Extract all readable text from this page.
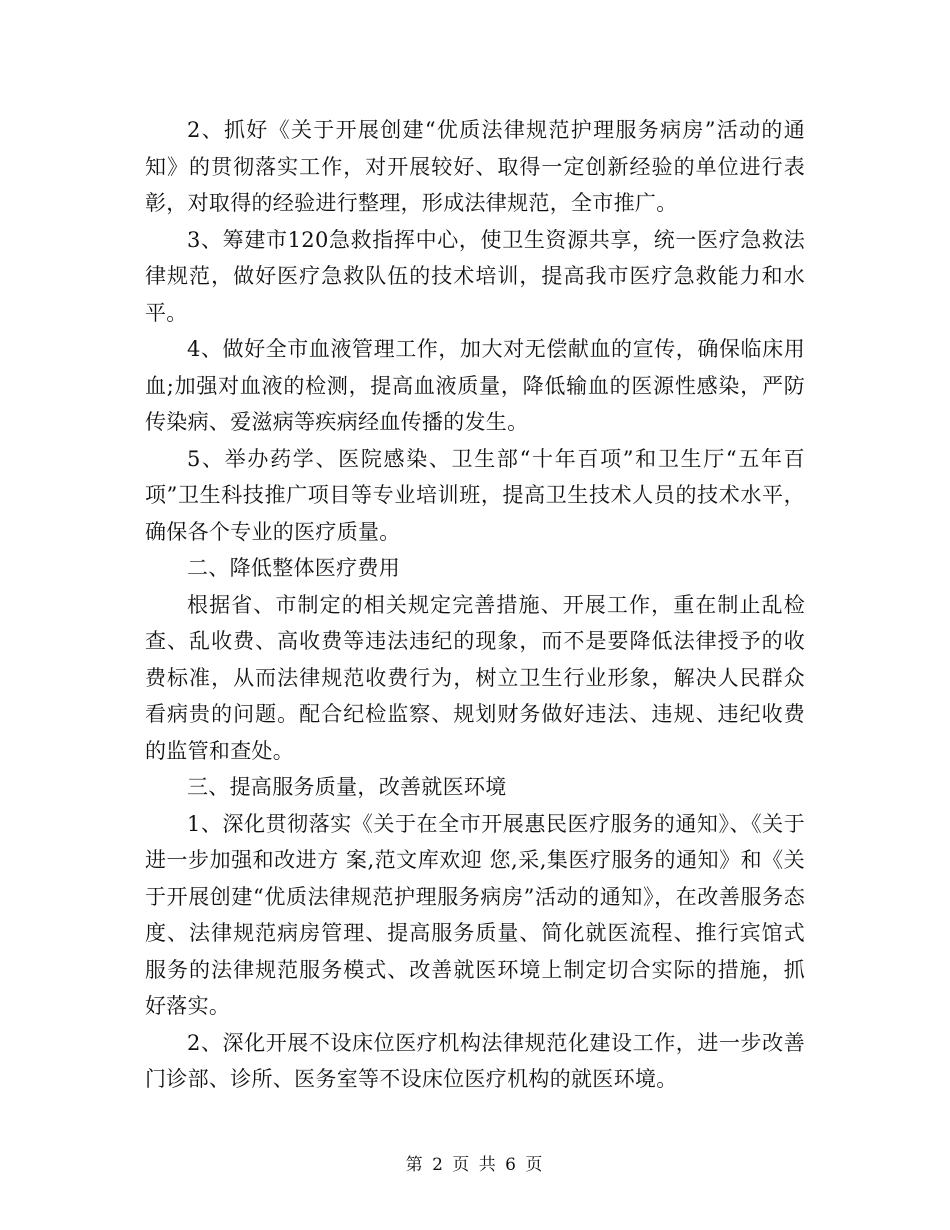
2、抓好《关于开展创建“优质法律规范护理服务病房”活动的通知》的贯彻落实工作，对开展较好、取得一定创新经验的单位进行表彰，对取得的经验进行整理，形成法律规范，全市推广。

3、筹建市120急救指挥中心，使卫生资源共享，统一医疗急救法律规范，做好医疗急救队伍的技术培训，提高我市医疗急救能力和水平。

4、做好全市血液管理工作，加大对无偿献血的宣传，确保临床用血;加强对血液的检测，提高血液质量，降低输血的医源性感染，严防传染病、爱滋病等疾病经血传播的发生。

5、举办药学、医院感染、卫生部“十年百项”和卫生厅“五年百项”卫生科技推广项目等专业培训班，提高卫生技术人员的技术水平，确保各个专业的医疗质量。

二、降低整体医疗费用

根据省、市制定的相关规定完善措施、开展工作，重在制止乱检查、乱收费、高收费等违法违纪的现象，而不是要降低法律授予的收费标准，从而法律规范收费行为，树立卫生行业形象，解决人民群众看病贵的问题。配合纪检监察、规划财务做好违法、违规、违纪收费的监管和查处。

三、提高服务质量，改善就医环境

1、深化贯彻落实《关于在全市开展惠民医疗服务的通知》、《关于进一步加强和改进方 案,范文库欢迎 您,采,集医疗服务的通知》和《关于开展创建“优质法律规范护理服务病房”活动的通知》，在改善服务态度、法律规范病房管理、提高服务质量、简化就医流程、推行宾馆式服务的法律规范服务模式、改善就医环境上制定切合实际的措施，抓好落实。

2、深化开展不设床位医疗机构法律规范化建设工作，进一步改善门诊部、诊所、医务室等不设床位医疗机构的就医环境。

第 2 页 共 6 页
